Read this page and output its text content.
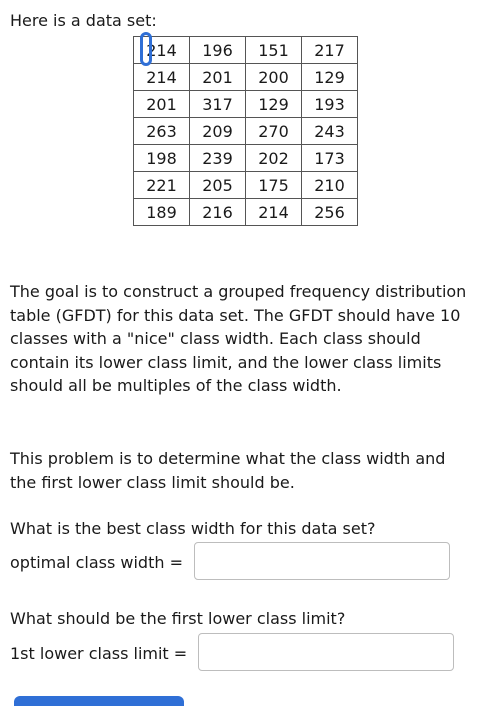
Here is a data set:
214	196	151	217
214	201	200	129
201	317	129	193
263	209	270	243
198	239	202	173
221	205	175	210
189	216	214	256
The goal is to construct a grouped frequency distribution table (GFDT) for this data set. The GFDT should have 10 classes with a "nice" class width. Each class should contain its lower class limit, and the lower class limits should all be multiples of the class width.
This problem is to determine what the class width and the first lower class limit should be.
What is the best class width for this data set?
optimal class width =
What should be the first lower class limit?
1st lower class limit =
